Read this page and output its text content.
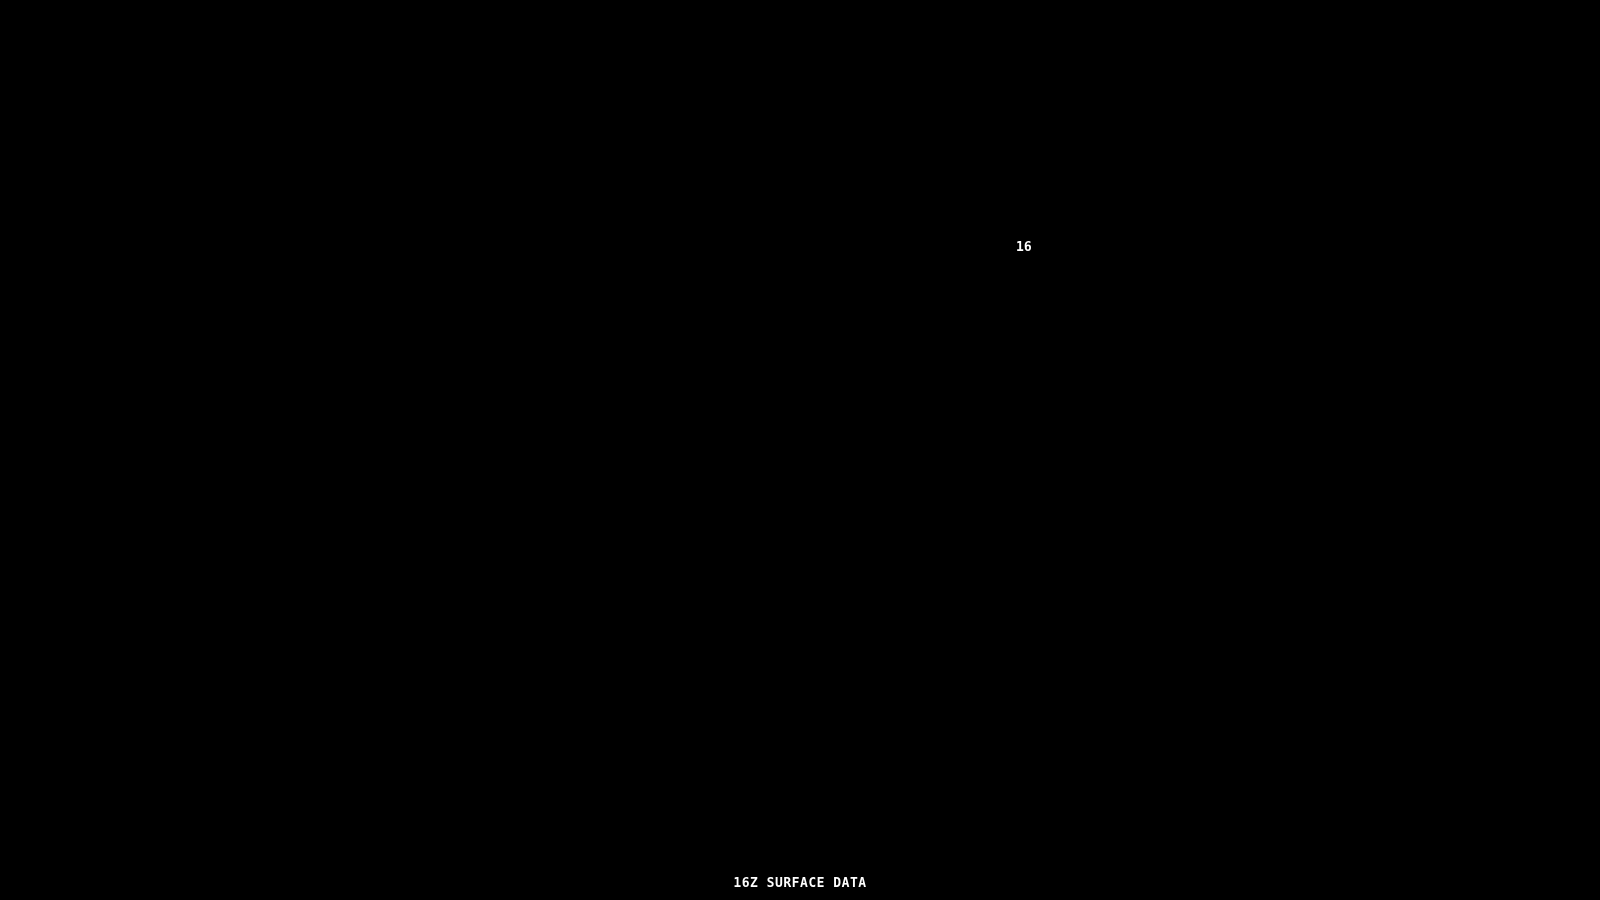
16
16Z SURFACE DATA
